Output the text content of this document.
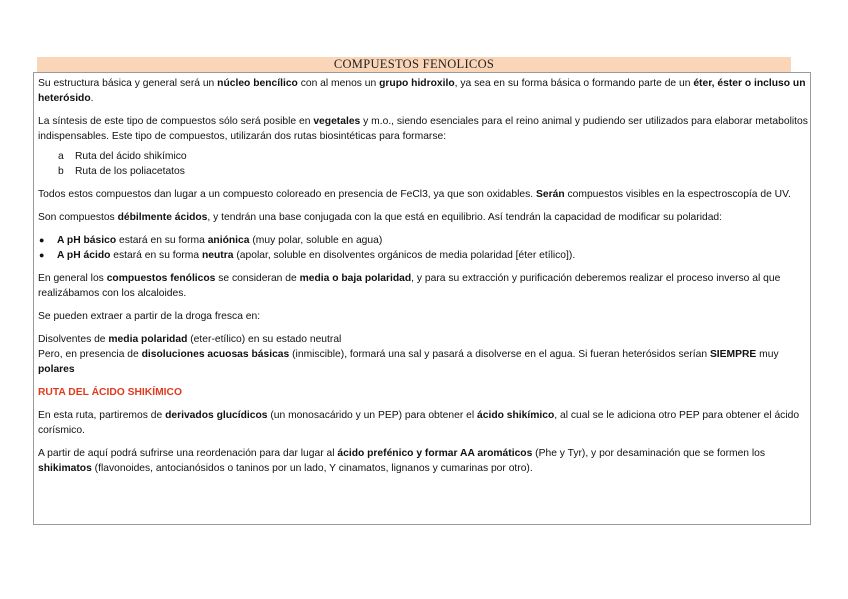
COMPUESTOS FENOLICOS

Su estructura básica y general será un núcleo bencílico con al menos un grupo hidroxilo, ya sea en su forma básica o formando parte de un éter, éster o incluso un heterósido.

La síntesis de este tipo de compuestos sólo será posible en vegetales y m.o., siendo esenciales para el reino animal y pudiendo ser utilizados para elaborar metabolitos indispensables. Este tipo de compuestos, utilizarán dos rutas biosintéticas para formarse:

a Ruta del ácido shikímico
b Ruta de los poliacetatos

Todos estos compuestos dan lugar a un compuesto coloreado en presencia de FeCl3, ya que son oxidables. Serán compuestos visibles en la espectroscopía de UV.

Son compuestos débilmente ácidos, y tendrán una base conjugada con la que está en equilibrio. Así tendrán la capacidad de modificar su polaridad:

● A pH básico estará en su forma aniónica (muy polar, soluble en agua)
● A pH ácido estará en su forma neutra (apolar, soluble en disolventes orgánicos de media polaridad [éter etílico]).

En general los compuestos fenólicos se consideran de media o baja polaridad, y para su extracción y purificación deberemos realizar el proceso inverso al que realizábamos con los alcaloides.

Se pueden extraer a partir de la droga fresca en:

Disolventes de media polaridad (eter-etílico) en su estado neutral

Pero, en presencia de disoluciones acuosas básicas (inmiscible), formará una sal y pasará a disolverse en el agua. Si fueran heterósidos serían SIEMPRE muy polares

RUTA DEL ÁCIDO SHIKÍMICO

En esta ruta, partiremos de derivados glucídicos (un monosacárido y un PEP) para obtener el ácido shikímico, al cual se le adiciona otro PEP para obtener el ácido corísmico.

A partir de aquí podrá sufrirse una reordenación para dar lugar al ácido prefénico y formar AA aromáticos (Phe y Tyr), y por desaminación que se formen los shikimatos (flavonoides, antocianósidos o taninos por un lado, Y cinamatos, lignanos y cumarinas por otro).
